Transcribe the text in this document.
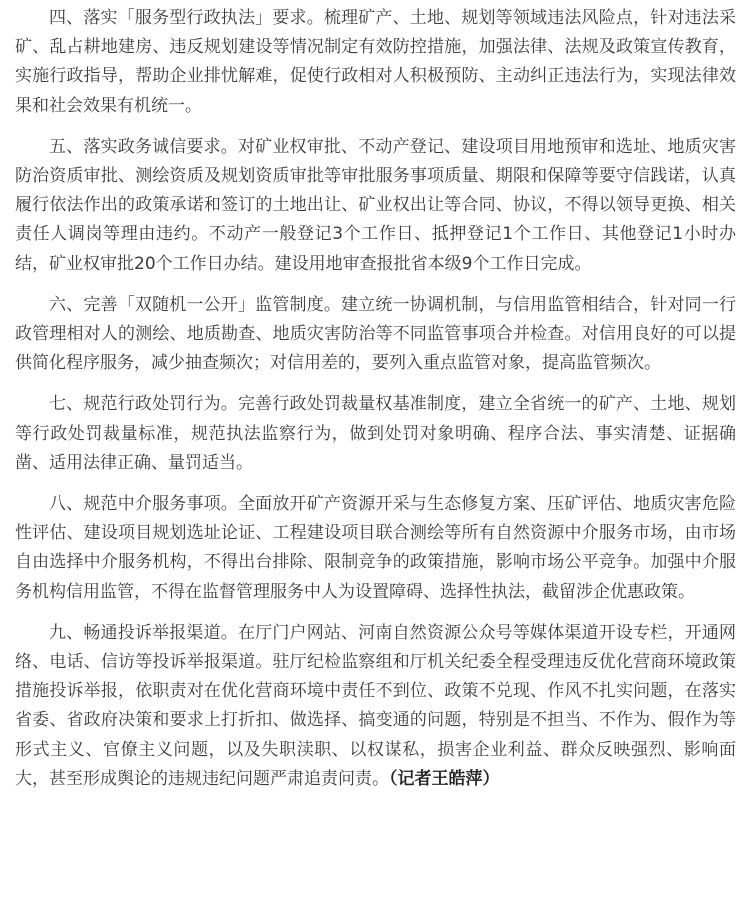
四、落实「服务型行政执法」要求。梳理矿产、土地、规划等领域违法风险点，针对违法采矿、乱占耕地建房、违反规划建设等情况制定有效防控措施，加强法律、法规及政策宣传教育，实施行政指导，帮助企业排忧解难，促使行政相对人积极预防、主动纠正违法行为，实现法律效果和社会效果有机统一。

五、落实政务诚信要求。对矿业权审批、不动产登记、建设项目用地预审和选址、地质灾害防治资质审批、测绘资质及规划资质审批等审批服务事项质量、期限和保障等要守信践诺，认真履行依法作出的政策承诺和签订的土地出让、矿业权出让等合同、协议，不得以领导更换、相关责任人调岗等理由违约。不动产一般登记3个工作日、抵押登记1个工作日、其他登记1小时办结，矿业权审批20个工作日办结。建设用地审查报批省本级9个工作日完成。

六、完善「双随机一公开」监管制度。建立统一协调机制，与信用监管相结合，针对同一行政管理相对人的测绘、地质勘查、地质灾害防治等不同监管事项合并检查。对信用良好的可以提供简化程序服务，减少抽查频次；对信用差的，要列入重点监管对象，提高监管频次。

七、规范行政处罚行为。完善行政处罚裁量权基准制度，建立全省统一的矿产、土地、规划等行政处罚裁量标准，规范执法监察行为，做到处罚对象明确、程序合法、事实清楚、证据确凿、适用法律正确、量罚适当。

八、规范中介服务事项。全面放开矿产资源开采与生态修复方案、压矿评估、地质灾害危险性评估、建设项目规划选址论证、工程建设项目联合测绘等所有自然资源中介服务市场，由市场自由选择中介服务机构，不得出台排除、限制竞争的政策措施，影响市场公平竞争。加强中介服务机构信用监管，不得在监督管理服务中人为设置障碍、选择性执法，截留涉企优惠政策。

九、畅通投诉举报渠道。在厅门户网站、河南自然资源公众号等媒体渠道开设专栏，开通网络、电话、信访等投诉举报渠道。驻厅纪检监察组和厅机关纪委全程受理违反优化营商环境政策措施投诉举报，依职责对在优化营商环境中责任不到位、政策不兑现、作风不扎实问题，在落实省委、省政府决策和要求上打折扣、做选择、搞变通的问题，特别是不担当、不作为、假作为等形式主义、官僚主义问题，以及失职渎职、以权谋私，损害企业利益、群众反映强烈、影响面大，甚至形成舆论的违规违纪问题严肃追责问责。（记者王皓萍）
